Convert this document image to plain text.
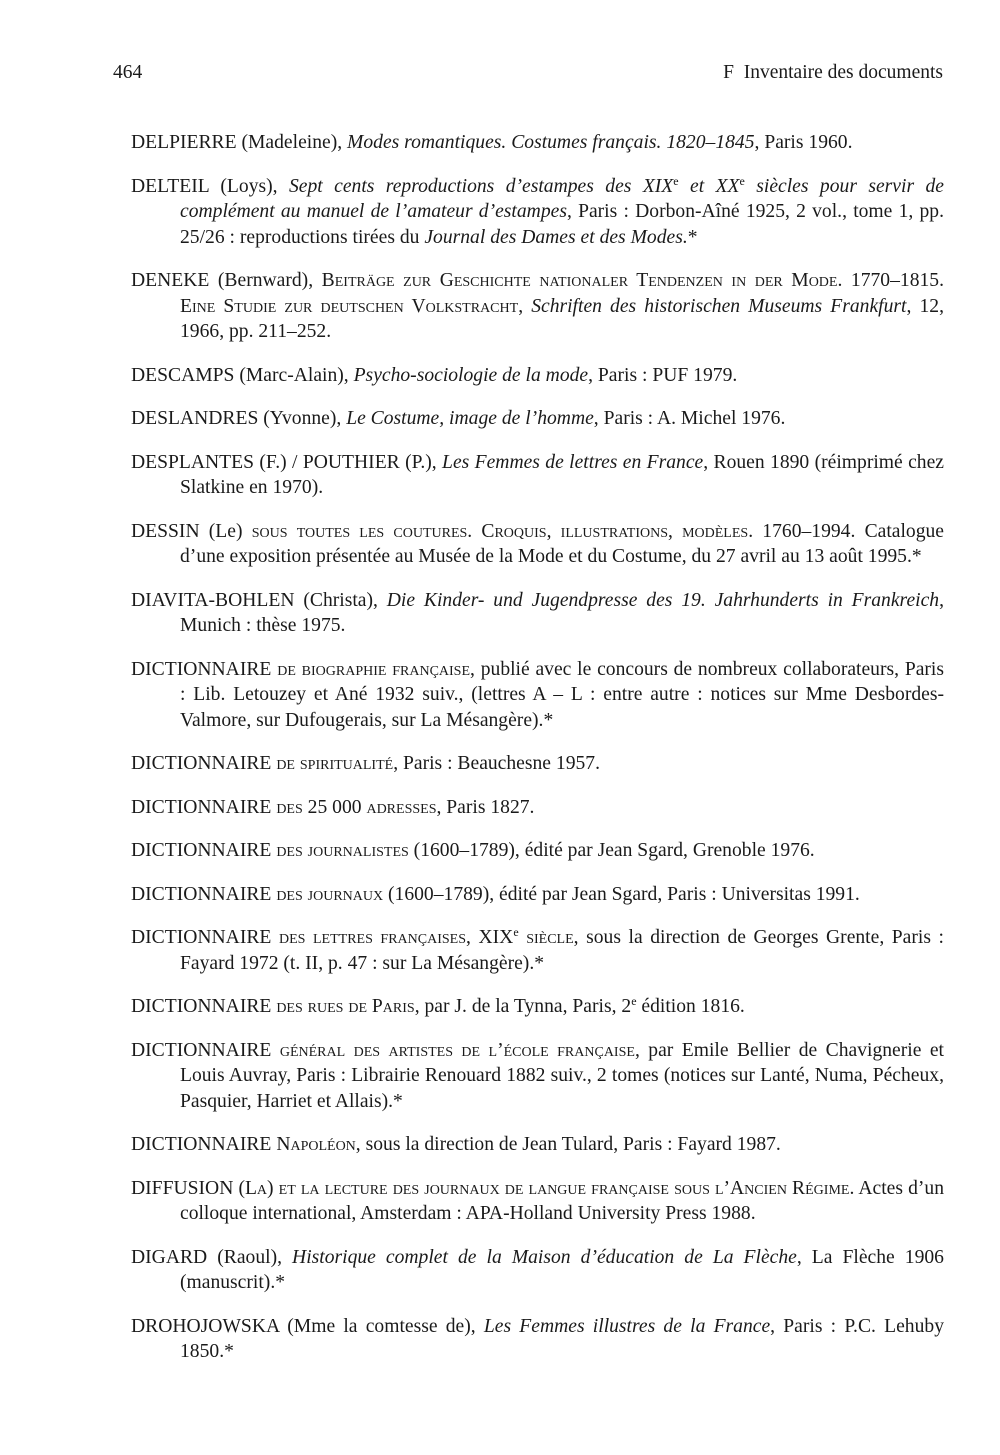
464	F  Inventaire des documents
DELPIERRE (Madeleine), Modes romantiques. Costumes français. 1820–1845, Paris 1960.
DELTEIL (Loys), Sept cents reproductions d’estampes des XIXe et XXe siècles pour servir de complément au manuel de l’amateur d’estampes, Paris : Dorbon-Aîné 1925, 2 vol., tome 1, pp. 25/26 : reproductions tirées du Journal des Dames et des Modes.*
DENEKE (Bernward), Beiträge zur Geschichte nationaler Tendenzen in der Mode. 1770–1815. Eine Studie zur deutschen Volkstracht, Schriften des historischen Museums Frankfurt, 12, 1966, pp. 211–252.
DESCAMPS (Marc-Alain), Psycho-sociologie de la mode, Paris : PUF 1979.
DESLANDRES (Yvonne), Le Costume, image de l’homme, Paris : A. Michel 1976.
DESPLANTES (F.) / POUTHIER (P.), Les Femmes de lettres en France, Rouen 1890 (réimprimé chez Slatkine en 1970).
DESSIN (Le) sous toutes les coutures. Croquis, illustrations, modèles. 1760–1994. Catalogue d’une exposition présentée au Musée de la Mode et du Costume, du 27 avril au 13 août 1995.*
DIAVITA-BOHLEN (Christa), Die Kinder- und Jugendpresse des 19. Jahrhunderts in Frankreich, Munich : thèse 1975.
DICTIONNAIRE de biographie française, publié avec le concours de nombreux collaborateurs, Paris : Lib. Letouzey et Ané 1932 suiv., (lettres A – L : entre autre : notices sur Mme Desbordes-Valmore, sur Dufougerais, sur La Mésangère).*
DICTIONNAIRE de spiritualité, Paris : Beauchesne 1957.
DICTIONNAIRE des 25 000 adresses, Paris 1827.
DICTIONNAIRE des journalistes (1600–1789), édité par Jean Sgard, Grenoble 1976.
DICTIONNAIRE des journaux (1600–1789), édité par Jean Sgard, Paris : Universitas 1991.
DICTIONNAIRE des lettres françaises, XIXe siècle, sous la direction de Georges Grente, Paris : Fayard 1972 (t. II, p. 47 : sur La Mésangère).*
DICTIONNAIRE des rues de Paris, par J. de la Tynna, Paris, 2e édition 1816.
DICTIONNAIRE général des artistes de l’école française, par Emile Bellier de Chavignerie et Louis Auvray, Paris : Librairie Renouard 1882 suiv., 2 tomes (notices sur Lanté, Numa, Pécheux, Pasquier, Harriet et Allais).*
DICTIONNAIRE Napoléon, sous la direction de Jean Tulard, Paris : Fayard 1987.
DIFFUSION (La) et la lecture des journaux de langue française sous l’Ancien Régime. Actes d’un colloque international, Amsterdam : APA-Holland University Press 1988.
DIGARD (Raoul), Historique complet de la Maison d’éducation de La Flèche, La Flèche 1906 (manuscrit).*
DROHOJOWSKA (Mme la comtesse de), Les Femmes illustres de la France, Paris : P.C. Lehuby 1850.*
